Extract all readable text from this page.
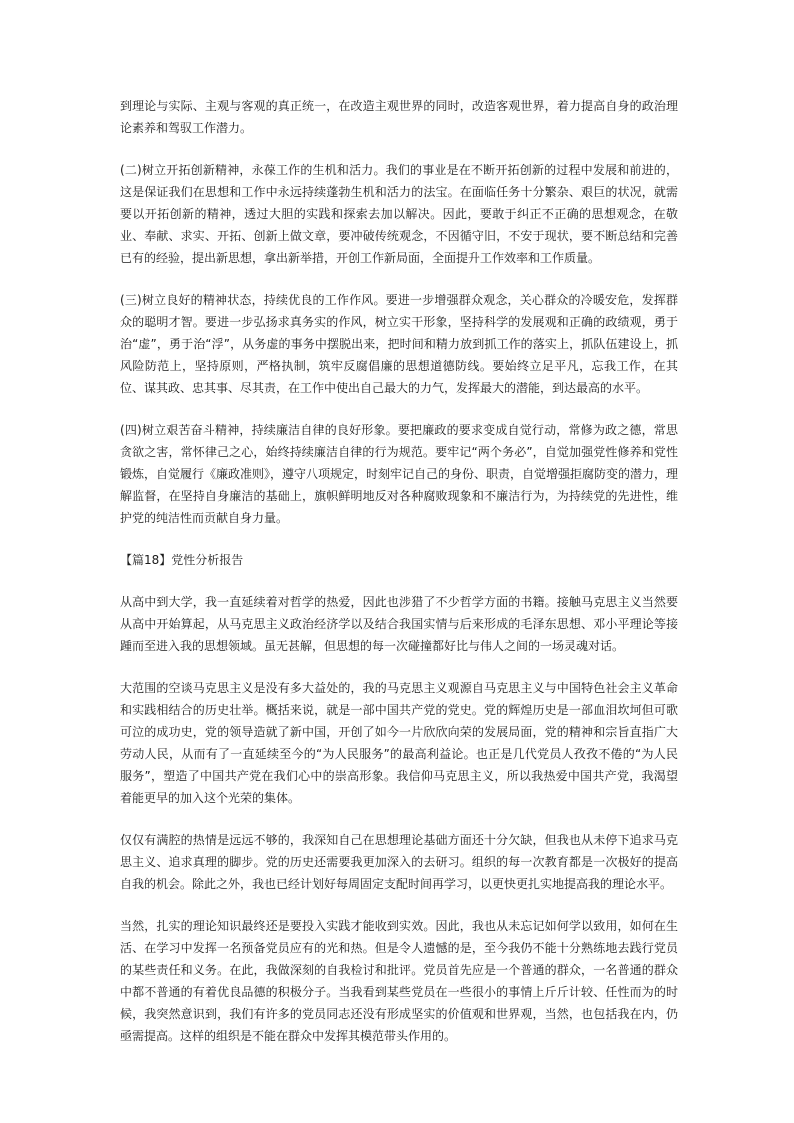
到理论与实际、主观与客观的真正统一，在改造主观世界的同时，改造客观世界，着力提高自身的政治理论素养和驾驭工作潜力。

(二)树立开拓创新精神，永葆工作的生机和活力。我们的事业是在不断开拓创新的过程中发展和前进的，这是保证我们在思想和工作中永远持续蓬勃生机和活力的法宝。在面临任务十分繁杂、艰巨的状况，就需要以开拓创新的精神，透过大胆的实践和探索去加以解决。因此，要敢于纠正不正确的思想观念，在敬业、奉献、求实、开拓、创新上做文章，要冲破传统观念，不因循守旧，不安于现状，要不断总结和完善已有的经验，提出新思想，拿出新举措，开创工作新局面，全面提升工作效率和工作质量。

(三)树立良好的精神状态，持续优良的工作作风。要进一步增强群众观念，关心群众的冷暖安危，发挥群众的聪明才智。要进一步弘扬求真务实的作风，树立实干形象，坚持科学的发展观和正确的政绩观，勇于治“虚”，勇于治“浮”，从务虚的事务中摆脱出来，把时间和精力放到抓工作的落实上，抓队伍建设上，抓风险防范上，坚持原则，严格执制，筑牢反腐倡廉的思想道德防线。要始终立足平凡，忘我工作，在其位、谋其政、忠其事、尽其责，在工作中使出自己最大的力气，发挥最大的潜能，到达最高的水平。

(四)树立艰苦奋斗精神，持续廉洁自律的良好形象。要把廉政的要求变成自觉行动，常修为政之德，常思贪欲之害，常怀律己之心，始终持续廉洁自律的行为规范。要牢记“两个务必”，自觉加强党性修养和党性锻炼，自觉履行《廉政准则》，遵守八项规定，时刻牢记自己的身份、职责，自觉增强拒腐防变的潜力，理解监督，在坚持自身廉洁的基础上，旗帜鲜明地反对各种腐败现象和不廉洁行为，为持续党的先进性，维护党的纯洁性而贡献自身力量。

【篇18】党性分析报告

从高中到大学，我一直延续着对哲学的热爱，因此也涉猎了不少哲学方面的书籍。接触马克思主义当然要从高中开始算起，从马克思主义政治经济学以及结合我国实情与后来形成的毛泽东思想、邓小平理论等接踵而至进入我的思想领域。虽无甚解，但思想的每一次碰撞都好比与伟人之间的一场灵魂对话。

大范围的空谈马克思主义是没有多大益处的，我的马克思主义观源自马克思主义与中国特色社会主义革命和实践相结合的历史壮举。概括来说，就是一部中国共产党的党史。党的辉煌历史是一部血泪坎坷但可歌可泣的成功史，党的领导造就了新中国，开创了如今一片欣欣向荣的发展局面，党的精神和宗旨直指广大劳动人民，从而有了一直延续至今的“为人民服务”的最高利益论。也正是几代党员人孜孜不倦的“为人民服务”，塑造了中国共产党在我们心中的崇高形象。我信仰马克思主义，所以我热爱中国共产党，我渴望着能更早的加入这个光荣的集体。

仅仅有满腔的热情是远远不够的，我深知自己在思想理论基础方面还十分欠缺，但我也从未停下追求马克思主义、追求真理的脚步。党的历史还需要我更加深入的去研习。组织的每一次教育都是一次极好的提高自我的机会。除此之外，我也已经计划好每周固定支配时间再学习，以更快更扎实地提高我的理论水平。

当然，扎实的理论知识最终还是要投入实践才能收到实效。因此，我也从未忘记如何学以致用，如何在生活、在学习中发挥一名预备党员应有的光和热。但是令人遗憾的是，至今我仍不能十分熟练地去践行党员的某些责任和义务。在此，我做深刻的自我检讨和批评。党员首先应是一个普通的群众，一名普通的群众中都不普通的有着优良品德的积极分子。当我看到某些党员在一些很小的事情上斤斤计较、任性而为的时候，我突然意识到，我们有许多的党员同志还没有形成坚实的价值观和世界观，当然，也包括我在内，仍亟需提高。这样的组织是不能在群众中发挥其模范带头作用的。
